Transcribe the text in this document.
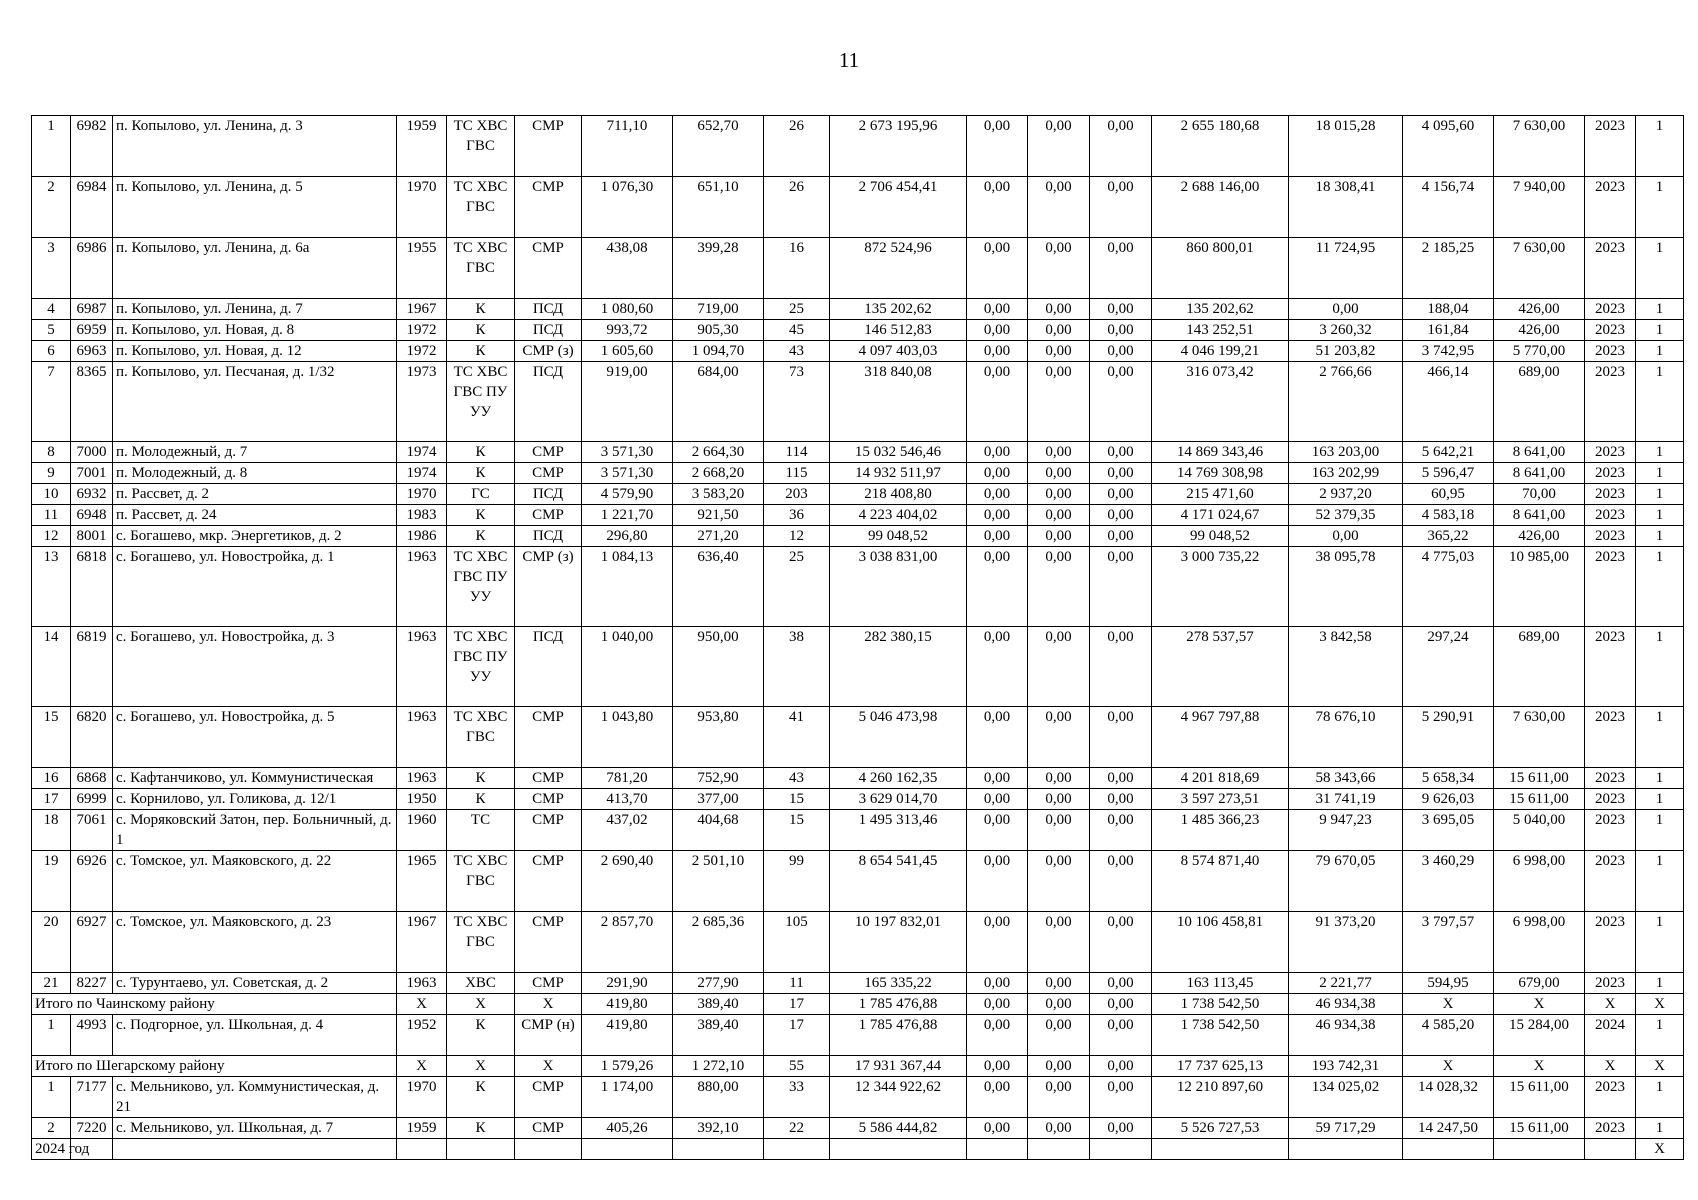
11
1	6982	п. Копылово, ул. Ленина, д. 3	1959	ТС ХВС ГВС	СМР	711,10	652,70	26	2 673 195,96	0,00	0,00	0,00	2 655 180,68	18 015,28	4 095,60	7 630,00	2023	1
2	6984	п. Копылово, ул. Ленина, д. 5	1970	ТС ХВС ГВС	СМР	1 076,30	651,10	26	2 706 454,41	0,00	0,00	0,00	2 688 146,00	18 308,41	4 156,74	7 940,00	2023	1
3	6986	п. Копылово, ул. Ленина, д. 6а	1955	ТС ХВС ГВС	СМР	438,08	399,28	16	872 524,96	0,00	0,00	0,00	860 800,01	11 724,95	2 185,25	7 630,00	2023	1
4	6987	п. Копылово, ул. Ленина, д. 7	1967	К	ПСД	1 080,60	719,00	25	135 202,62	0,00	0,00	0,00	135 202,62	0,00	188,04	426,00	2023	1
5	6959	п. Копылово, ул. Новая, д. 8	1972	К	ПСД	993,72	905,30	45	146 512,83	0,00	0,00	0,00	143 252,51	3 260,32	161,84	426,00	2023	1
6	6963	п. Копылово, ул. Новая, д. 12	1972	К	СМР (з)	1 605,60	1 094,70	43	4 097 403,03	0,00	0,00	0,00	4 046 199,21	51 203,82	3 742,95	5 770,00	2023	1
7	8365	п. Копылово, ул. Песчаная, д. 1/32	1973	ТС ХВС ГВС ПУ УУ	ПСД	919,00	684,00	73	318 840,08	0,00	0,00	0,00	316 073,42	2 766,66	466,14	689,00	2023	1
8	7000	п. Молодежный, д. 7	1974	К	СМР	3 571,30	2 664,30	114	15 032 546,46	0,00	0,00	0,00	14 869 343,46	163 203,00	5 642,21	8 641,00	2023	1
9	7001	п. Молодежный, д. 8	1974	К	СМР	3 571,30	2 668,20	115	14 932 511,97	0,00	0,00	0,00	14 769 308,98	163 202,99	5 596,47	8 641,00	2023	1
10	6932	п. Рассвет, д. 2	1970	ГС	ПСД	4 579,90	3 583,20	203	218 408,80	0,00	0,00	0,00	215 471,60	2 937,20	60,95	70,00	2023	1
11	6948	п. Рассвет, д. 24	1983	К	СМР	1 221,70	921,50	36	4 223 404,02	0,00	0,00	0,00	4 171 024,67	52 379,35	4 583,18	8 641,00	2023	1
12	8001	с. Богашево, мкр. Энергетиков, д. 2	1986	К	ПСД	296,80	271,20	12	99 048,52	0,00	0,00	0,00	99 048,52	0,00	365,22	426,00	2023	1
13	6818	с. Богашево, ул. Новостройка, д. 1	1963	ТС ХВС ГВС ПУ УУ	СМР (з)	1 084,13	636,40	25	3 038 831,00	0,00	0,00	0,00	3 000 735,22	38 095,78	4 775,03	10 985,00	2023	1
14	6819	с. Богашево, ул. Новостройка, д. 3	1963	ТС ХВС ГВС ПУ УУ	ПСД	1 040,00	950,00	38	282 380,15	0,00	0,00	0,00	278 537,57	3 842,58	297,24	689,00	2023	1
15	6820	с. Богашево, ул. Новостройка, д. 5	1963	ТС ХВС ГВС	СМР	1 043,80	953,80	41	5 046 473,98	0,00	0,00	0,00	4 967 797,88	78 676,10	5 290,91	7 630,00	2023	1
16	6868	с. Кафтанчиково, ул. Коммунистическая	1963	К	СМР	781,20	752,90	43	4 260 162,35	0,00	0,00	0,00	4 201 818,69	58 343,66	5 658,34	15 611,00	2023	1
17	6999	с. Корнилово, ул. Голикова, д. 12/1	1950	К	СМР	413,70	377,00	15	3 629 014,70	0,00	0,00	0,00	3 597 273,51	31 741,19	9 626,03	15 611,00	2023	1
18	7061	с. Моряковский Затон, пер. Больничный, д. 1	1960	ТС	СМР	437,02	404,68	15	1 495 313,46	0,00	0,00	0,00	1 485 366,23	9 947,23	3 695,05	5 040,00	2023	1
19	6926	с. Томское, ул. Маяковского, д. 22	1965	ТС ХВС ГВС	СМР	2 690,40	2 501,10	99	8 654 541,45	0,00	0,00	0,00	8 574 871,40	79 670,05	3 460,29	6 998,00	2023	1
20	6927	с. Томское, ул. Маяковского, д. 23	1967	ТС ХВС ГВС	СМР	2 857,70	2 685,36	105	10 197 832,01	0,00	0,00	0,00	10 106 458,81	91 373,20	3 797,57	6 998,00	2023	1
21	8227	с. Турунтаево, ул. Советская, д. 2	1963	ХВС	СМР	291,90	277,90	11	165 335,22	0,00	0,00	0,00	163 113,45	2 221,77	594,95	679,00	2023	1
Итого по Чаинскому району			X	X	X	419,80	389,40	17	1 785 476,88	0,00	0,00	0,00	1 738 542,50	46 934,38	X	X	X	X
1	4993	с. Подгорное, ул. Школьная, д. 4	1952	К	СМР (н)	419,80	389,40	17	1 785 476,88	0,00	0,00	0,00	1 738 542,50	46 934,38	4 585,20	15 284,00	2024	1
Итого по Шегарскому району			X	X	X	1 579,26	1 272,10	55	17 931 367,44	0,00	0,00	0,00	17 737 625,13	193 742,31	X	X	X	X
1	7177	с. Мельниково, ул. Коммунистическая, д. 21	1970	К	СМР	1 174,00	880,00	33	12 344 922,62	0,00	0,00	0,00	12 210 897,60	134 025,02	14 028,32	15 611,00	2023	1
2	7220	с. Мельниково, ул. Школьная, д. 7	1959	К	СМР	405,26	392,10	22	5 586 444,82	0,00	0,00	0,00	5 526 727,53	59 717,29	14 247,50	15 611,00	2023	1
2024 год																		X
